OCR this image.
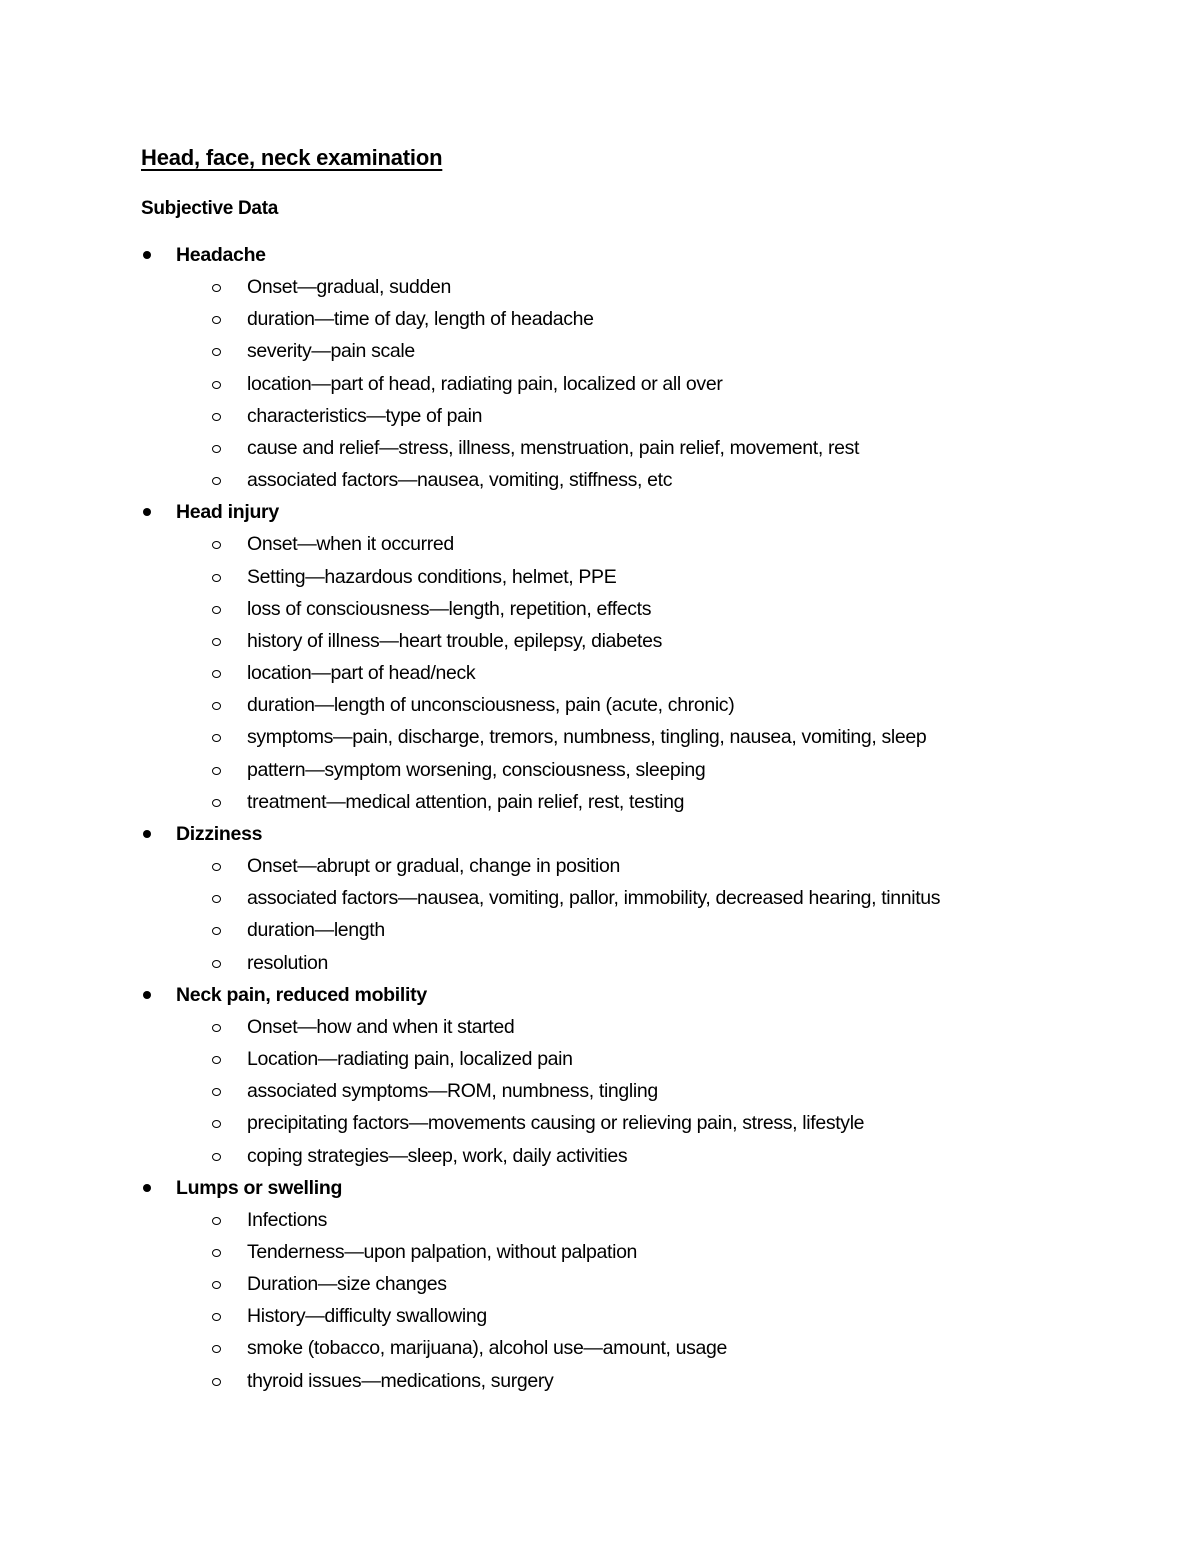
Head, face, neck examination
Subjective Data
Headache
Onset—gradual, sudden
duration—time of day, length of headache
severity—pain scale
location—part of head, radiating pain, localized or all over
characteristics—type of pain
cause and relief—stress, illness, menstruation, pain relief, movement, rest
associated factors—nausea, vomiting, stiffness, etc
Head injury
Onset—when it occurred
Setting—hazardous conditions, helmet, PPE
loss of consciousness—length, repetition, effects
history of illness—heart trouble, epilepsy, diabetes
location—part of head/neck
duration—length of unconsciousness, pain (acute, chronic)
symptoms—pain, discharge, tremors, numbness, tingling, nausea, vomiting, sleep
pattern—symptom worsening, consciousness, sleeping
treatment—medical attention, pain relief, rest, testing
Dizziness
Onset—abrupt or gradual, change in position
associated factors—nausea, vomiting, pallor, immobility, decreased hearing, tinnitus
duration—length
resolution
Neck pain, reduced mobility
Onset—how and when it started
Location—radiating pain, localized pain
associated symptoms—ROM, numbness, tingling
precipitating factors—movements causing or relieving pain, stress, lifestyle
coping strategies—sleep, work, daily activities
Lumps or swelling
Infections
Tenderness—upon palpation, without palpation
Duration—size changes
History—difficulty swallowing
smoke (tobacco, marijuana), alcohol use—amount, usage
thyroid issues—medications, surgery
